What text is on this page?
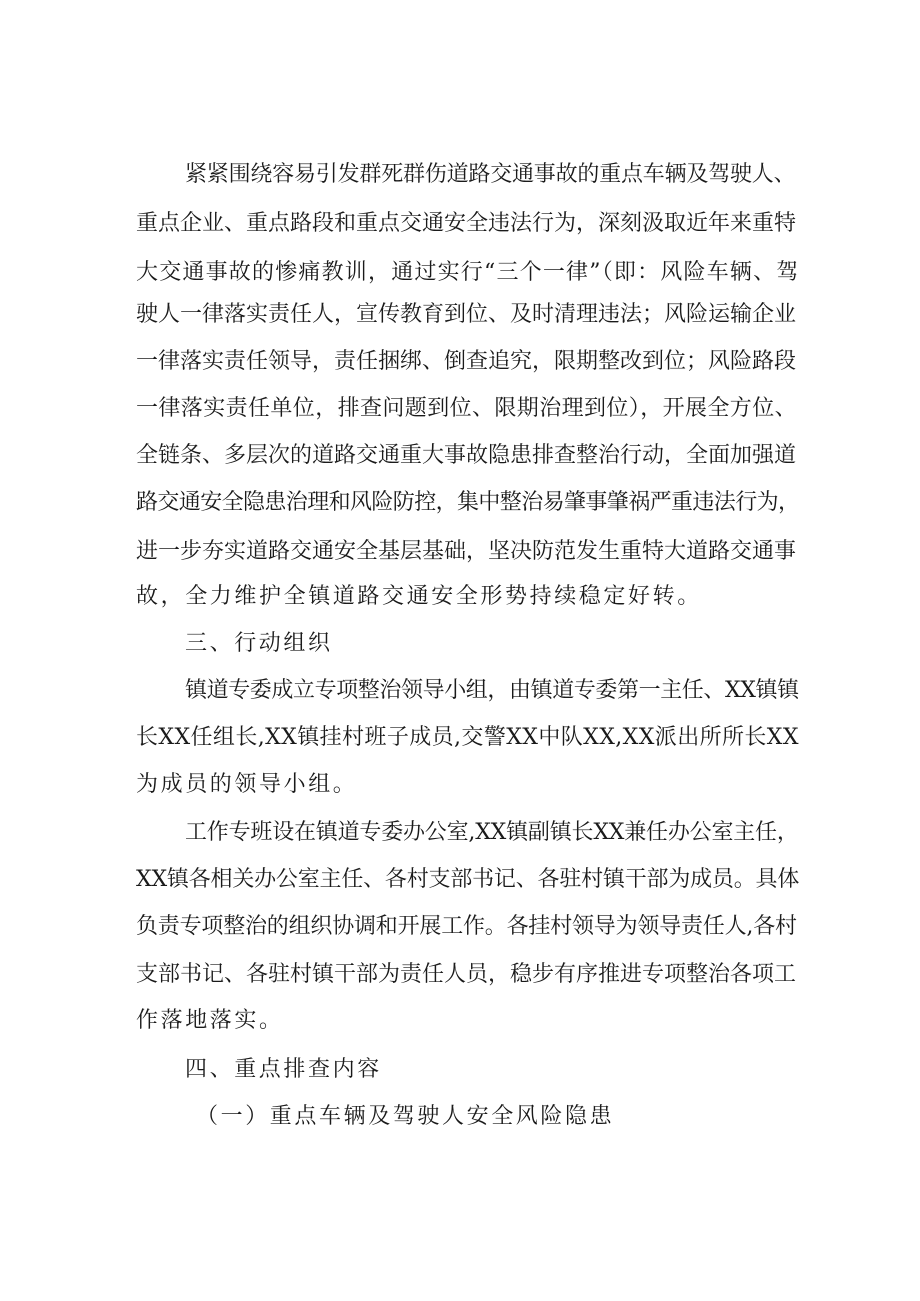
紧紧围绕容易引发群死群伤道路交通事故的重点车辆及驾驶人、
重点企业、重点路段和重点交通安全违法行为，深刻汲取近年来重特
大交通事故的惨痛教训，通过实行“三个一律”（即：风险车辆、驾
驶人一律落实责任人，宣传教育到位、及时清理违法；风险运输企业
一律落实责任领导，责任捆绑、倒查追究，限期整改到位；风险路段
一律落实责任单位，排查问题到位、限期治理到位），开展全方位、
全链条、多层次的道路交通重大事故隐患排查整治行动，全面加强道
路交通安全隐患治理和风险防控，集中整治易肇事肇祸严重违法行为，
进一步夯实道路交通安全基层基础，坚决防范发生重特大道路交通事
故，全力维护全镇道路交通安全形势持续稳定好转。
三、行动组织
镇道专委成立专项整治领导小组，由镇道专委第一主任、XX镇镇
长XX任组长,XX镇挂村班子成员,交警XX中队XX,XX派出所所长XX
为成员的领导小组。
工作专班设在镇道专委办公室,XX镇副镇长XX兼任办公室主任，
XX镇各相关办公室主任、各村支部书记、各驻村镇干部为成员。具体
负责专项整治的组织协调和开展工作。各挂村领导为领导责任人,各村
支部书记、各驻村镇干部为责任人员，稳步有序推进专项整治各项工
作落地落实。
四、重点排查内容
（一）重点车辆及驾驶人安全风险隐患
